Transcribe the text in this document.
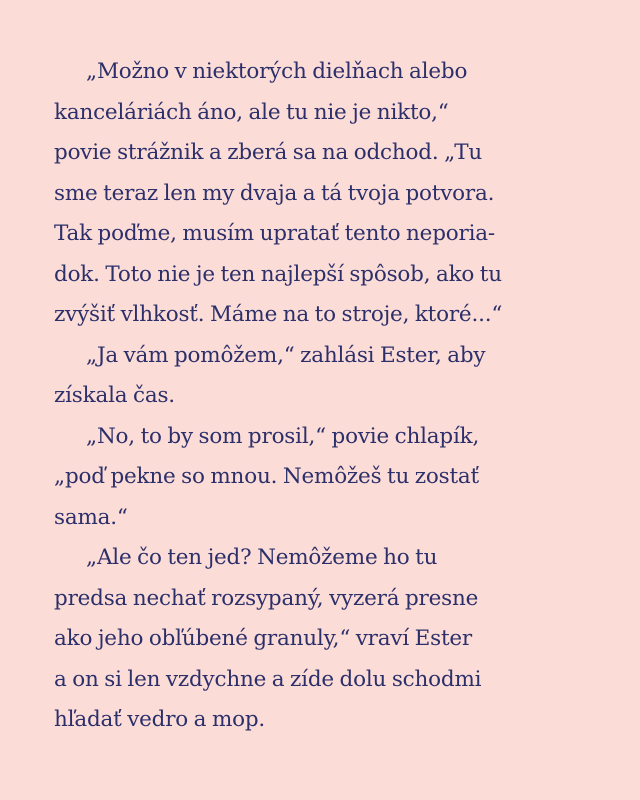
„Možno v niektorých dielňach alebo
kanceláriách áno, ale tu nie je nikto,“
povie strážnik a zberá sa na odchod. „Tu
sme teraz len my dvaja a tá tvoja potvora.
Tak poďme, musím upratať tento neporia-
dok. Toto nie je ten najlepší spôsob, ako tu
zvýšiť vlhkosť. Máme na to stroje, ktoré...“
„Ja vám pomôžem,“ zahlási Ester, aby
získala čas.
„No, to by som prosil,“ povie chlapík,
„poď pekne so mnou. Nemôžeš tu zostať
sama.“
„Ale čo ten jed? Nemôžeme ho tu
predsa nechať rozsypaný, vyzerá presne
ako jeho obľúbené granuly,“ vraví Ester
a on si len vzdychne a zíde dolu schodmi
hľadať vedro a mop.
